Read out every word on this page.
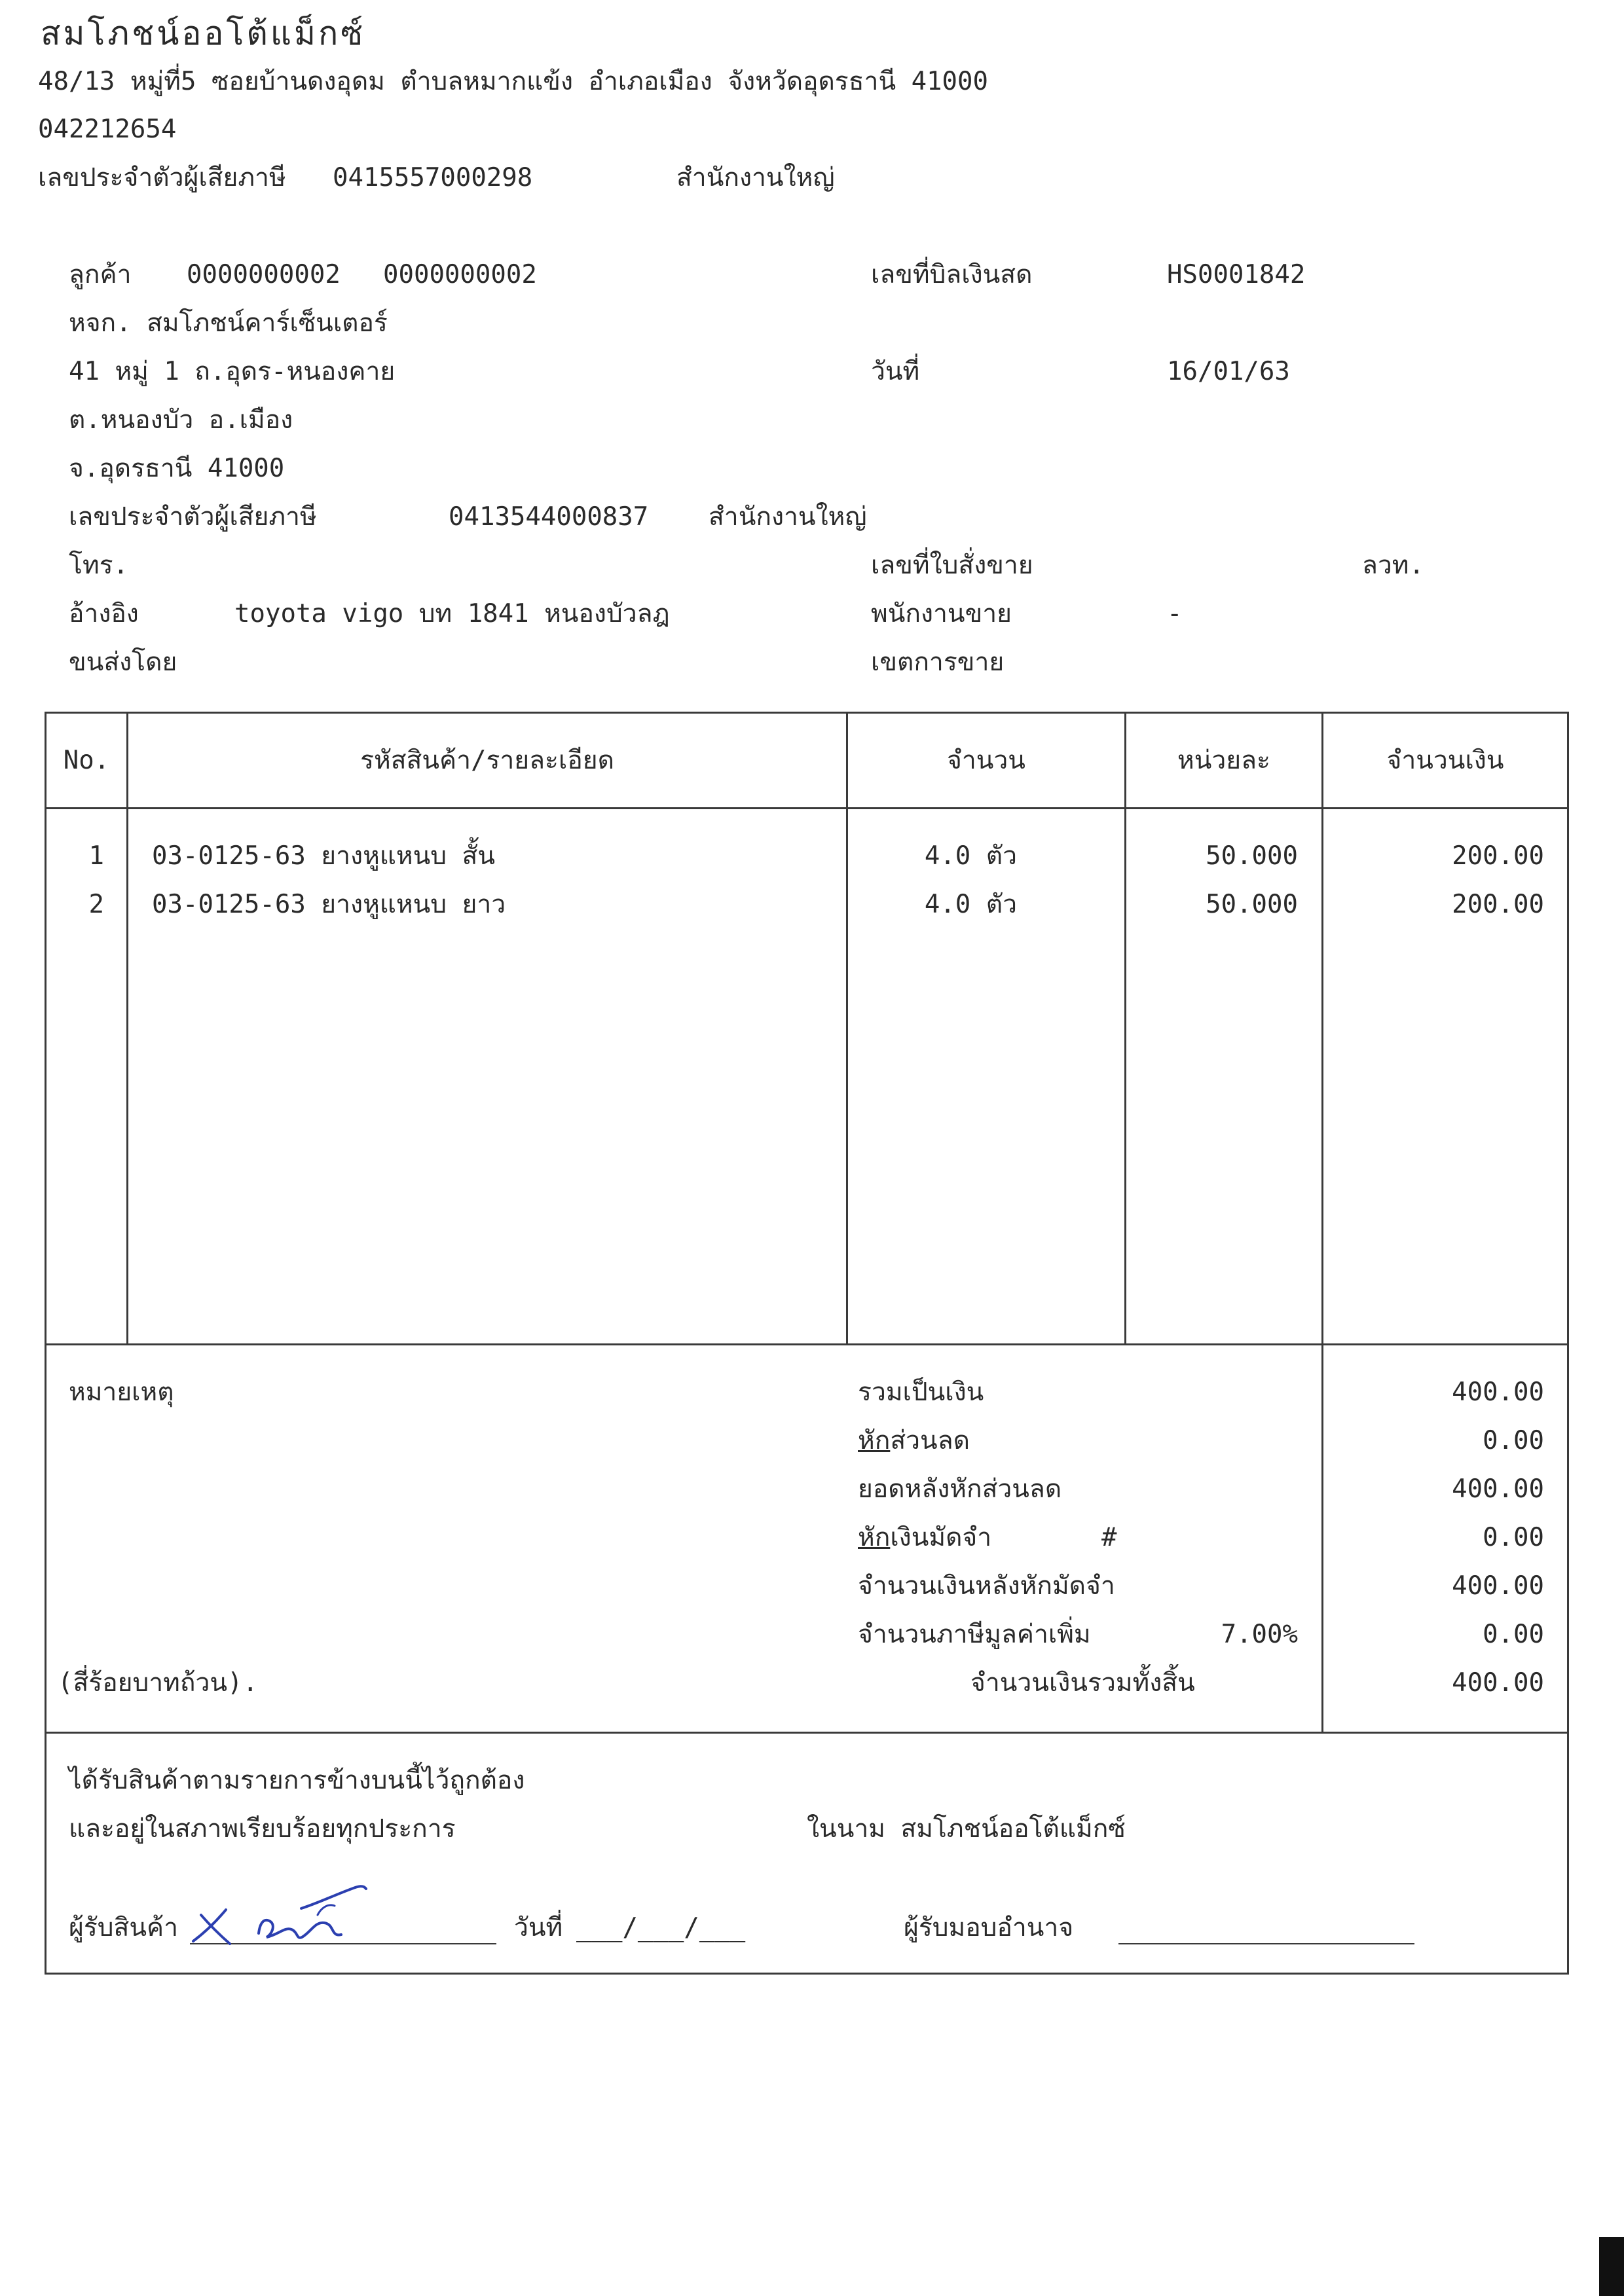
สมโภชน์ออโต้แม็กซ์
48/13 หมู่ที่5 ซอยบ้านดงอุดม ตำบลหมากแข้ง อำเภอเมือง จังหวัดอุดรธานี 41000
042212654
เลขประจำตัวผู้เสียภาษี 0415557000298	สำนักงานใหญ่
ลูกค้า 0000000002 0000000002
หจก. สมโภชน์คาร์เซ็นเตอร์
41 หมู่ 1 ถ.อุดร-หนองคาย
ต.หนองบัว อ.เมือง
จ.อุดรธานี 41000
เลขประจำตัวผู้เสียภาษี	0413544000837 สำนักงานใหญ่
โทร.
อ้างอิง	toyota vigo บท 1841 หนองบัวลฎ
ขนส่งโดย
เลขที่บิลเงินสด	HS0001842
วันที่	16/01/63
เลขที่ใบสั่งขาย	ลวท.
พนักงานขาย	-
เขตการขาย
No.	รหัสสินค้า/รายละเอียด	จำนวน	หน่วยละ	จำนวนเงิน
1 03-0125-63 ยางหูแหนบ สั้น	4.0 ตัว	50.000	200.00
2 03-0125-63 ยางหูแหนบ ยาว	4.0 ตัว	50.000	200.00
หมายเหตุ	รวมเป็นเงิน	400.00
หักส่วนลด	0.00
ยอดหลังหักส่วนลด	400.00
หักเงินมัดจำ	#	0.00
จำนวนเงินหลังหักมัดจำ	400.00
จำนวนภาษีมูลค่าเพิ่ม	7.00%	0.00
(สี่ร้อยบาทถ้วน).	จำนวนเงินรวมทั้งสิ้น	400.00
ได้รับสินค้าตามรายการข้างบนนี้ไว้ถูกต้อง
และอยู่ในสภาพเรียบร้อยทุกประการ	ในนาม สมโภชน์ออโต้แม็กซ์
ผู้รับสินค้า	วันที่ ___/___/___	ผู้รับมอบอำนาจ
